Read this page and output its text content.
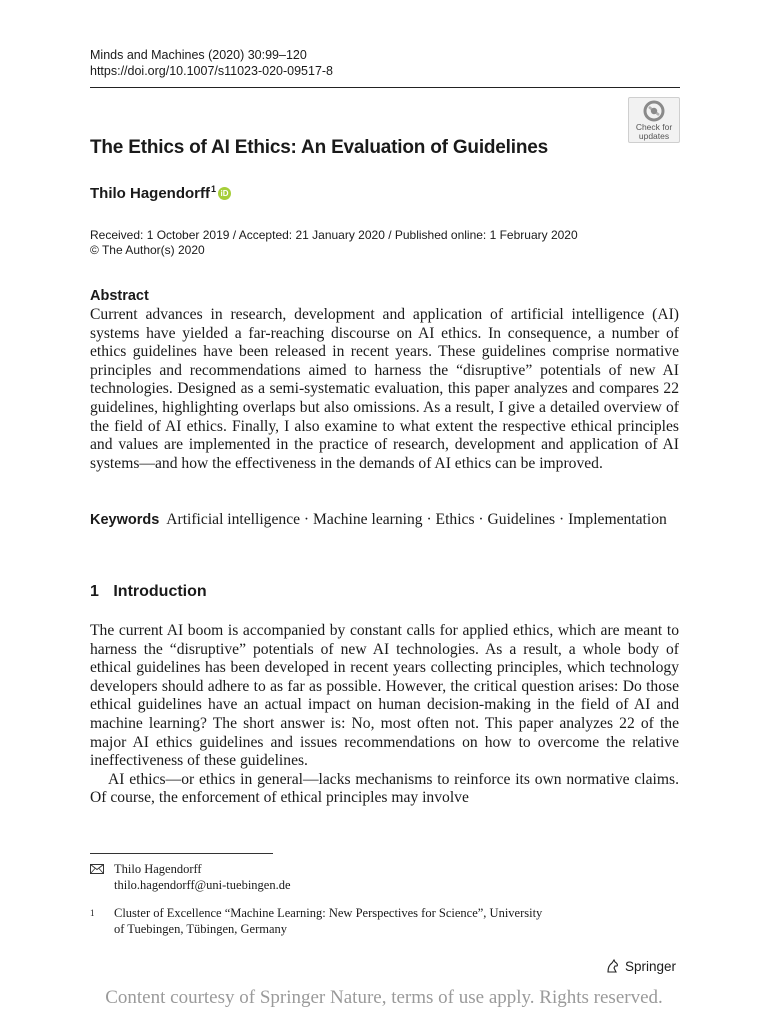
Minds and Machines (2020) 30:99–120
https://doi.org/10.1007/s11023-020-09517-8
Check for
updates
The Ethics of AI Ethics: An Evaluation of Guidelines
Thilo Hagendorff$^1$ iD
Received: 1 October 2019 / Accepted: 21 January 2020 / Published online: 1 February 2020
© The Author(s) 2020
Abstract
Current advances in research, development and application of artificial intelligence (AI) systems have yielded a far-reaching discourse on AI ethics. In consequence, a number of ethics guidelines have been released in recent years. These guidelines comprise normative principles and recommendations aimed to harness the “disruptive” potentials of new AI technologies. Designed as a semi-systematic evaluation, this paper analyzes and compares 22 guidelines, highlighting overlaps but also omissions. As a result, I give a detailed overview of the field of AI ethics. Finally, I also examine to what extent the respective ethical principles and values are implemented in the practice of research, development and application of AI systems—and how the effectiveness in the demands of AI ethics can be improved.
Keywords Artificial intelligence · Machine learning · Ethics · Guidelines · Implementation
1 Introduction

The current AI boom is accompanied by constant calls for applied ethics, which are meant to harness the “disruptive” potentials of new AI technologies. As a result, a whole body of ethical guidelines has been developed in recent years collecting principles, which technology developers should adhere to as far as possible. However, the critical question arises: Do those ethical guidelines have an actual impact on human decision-making in the field of AI and machine learning? The short answer is: No, most often not. This paper analyzes 22 of the major AI ethics guidelines and issues recommendations on how to overcome the relative ineffectiveness of these guidelines.

AI ethics—or ethics in general—lacks mechanisms to reinforce its own normative claims. Of course, the enforcement of ethical principles may involve

Thilo Hagendorff
thilo.hagendorff@uni-tuebingen.de
1	Cluster of Excellence “Machine Learning: New Perspectives for Science”, University
of Tuebingen, Tübingen, Germany
Springer
Content courtesy of Springer Nature, terms of use apply. Rights reserved.
